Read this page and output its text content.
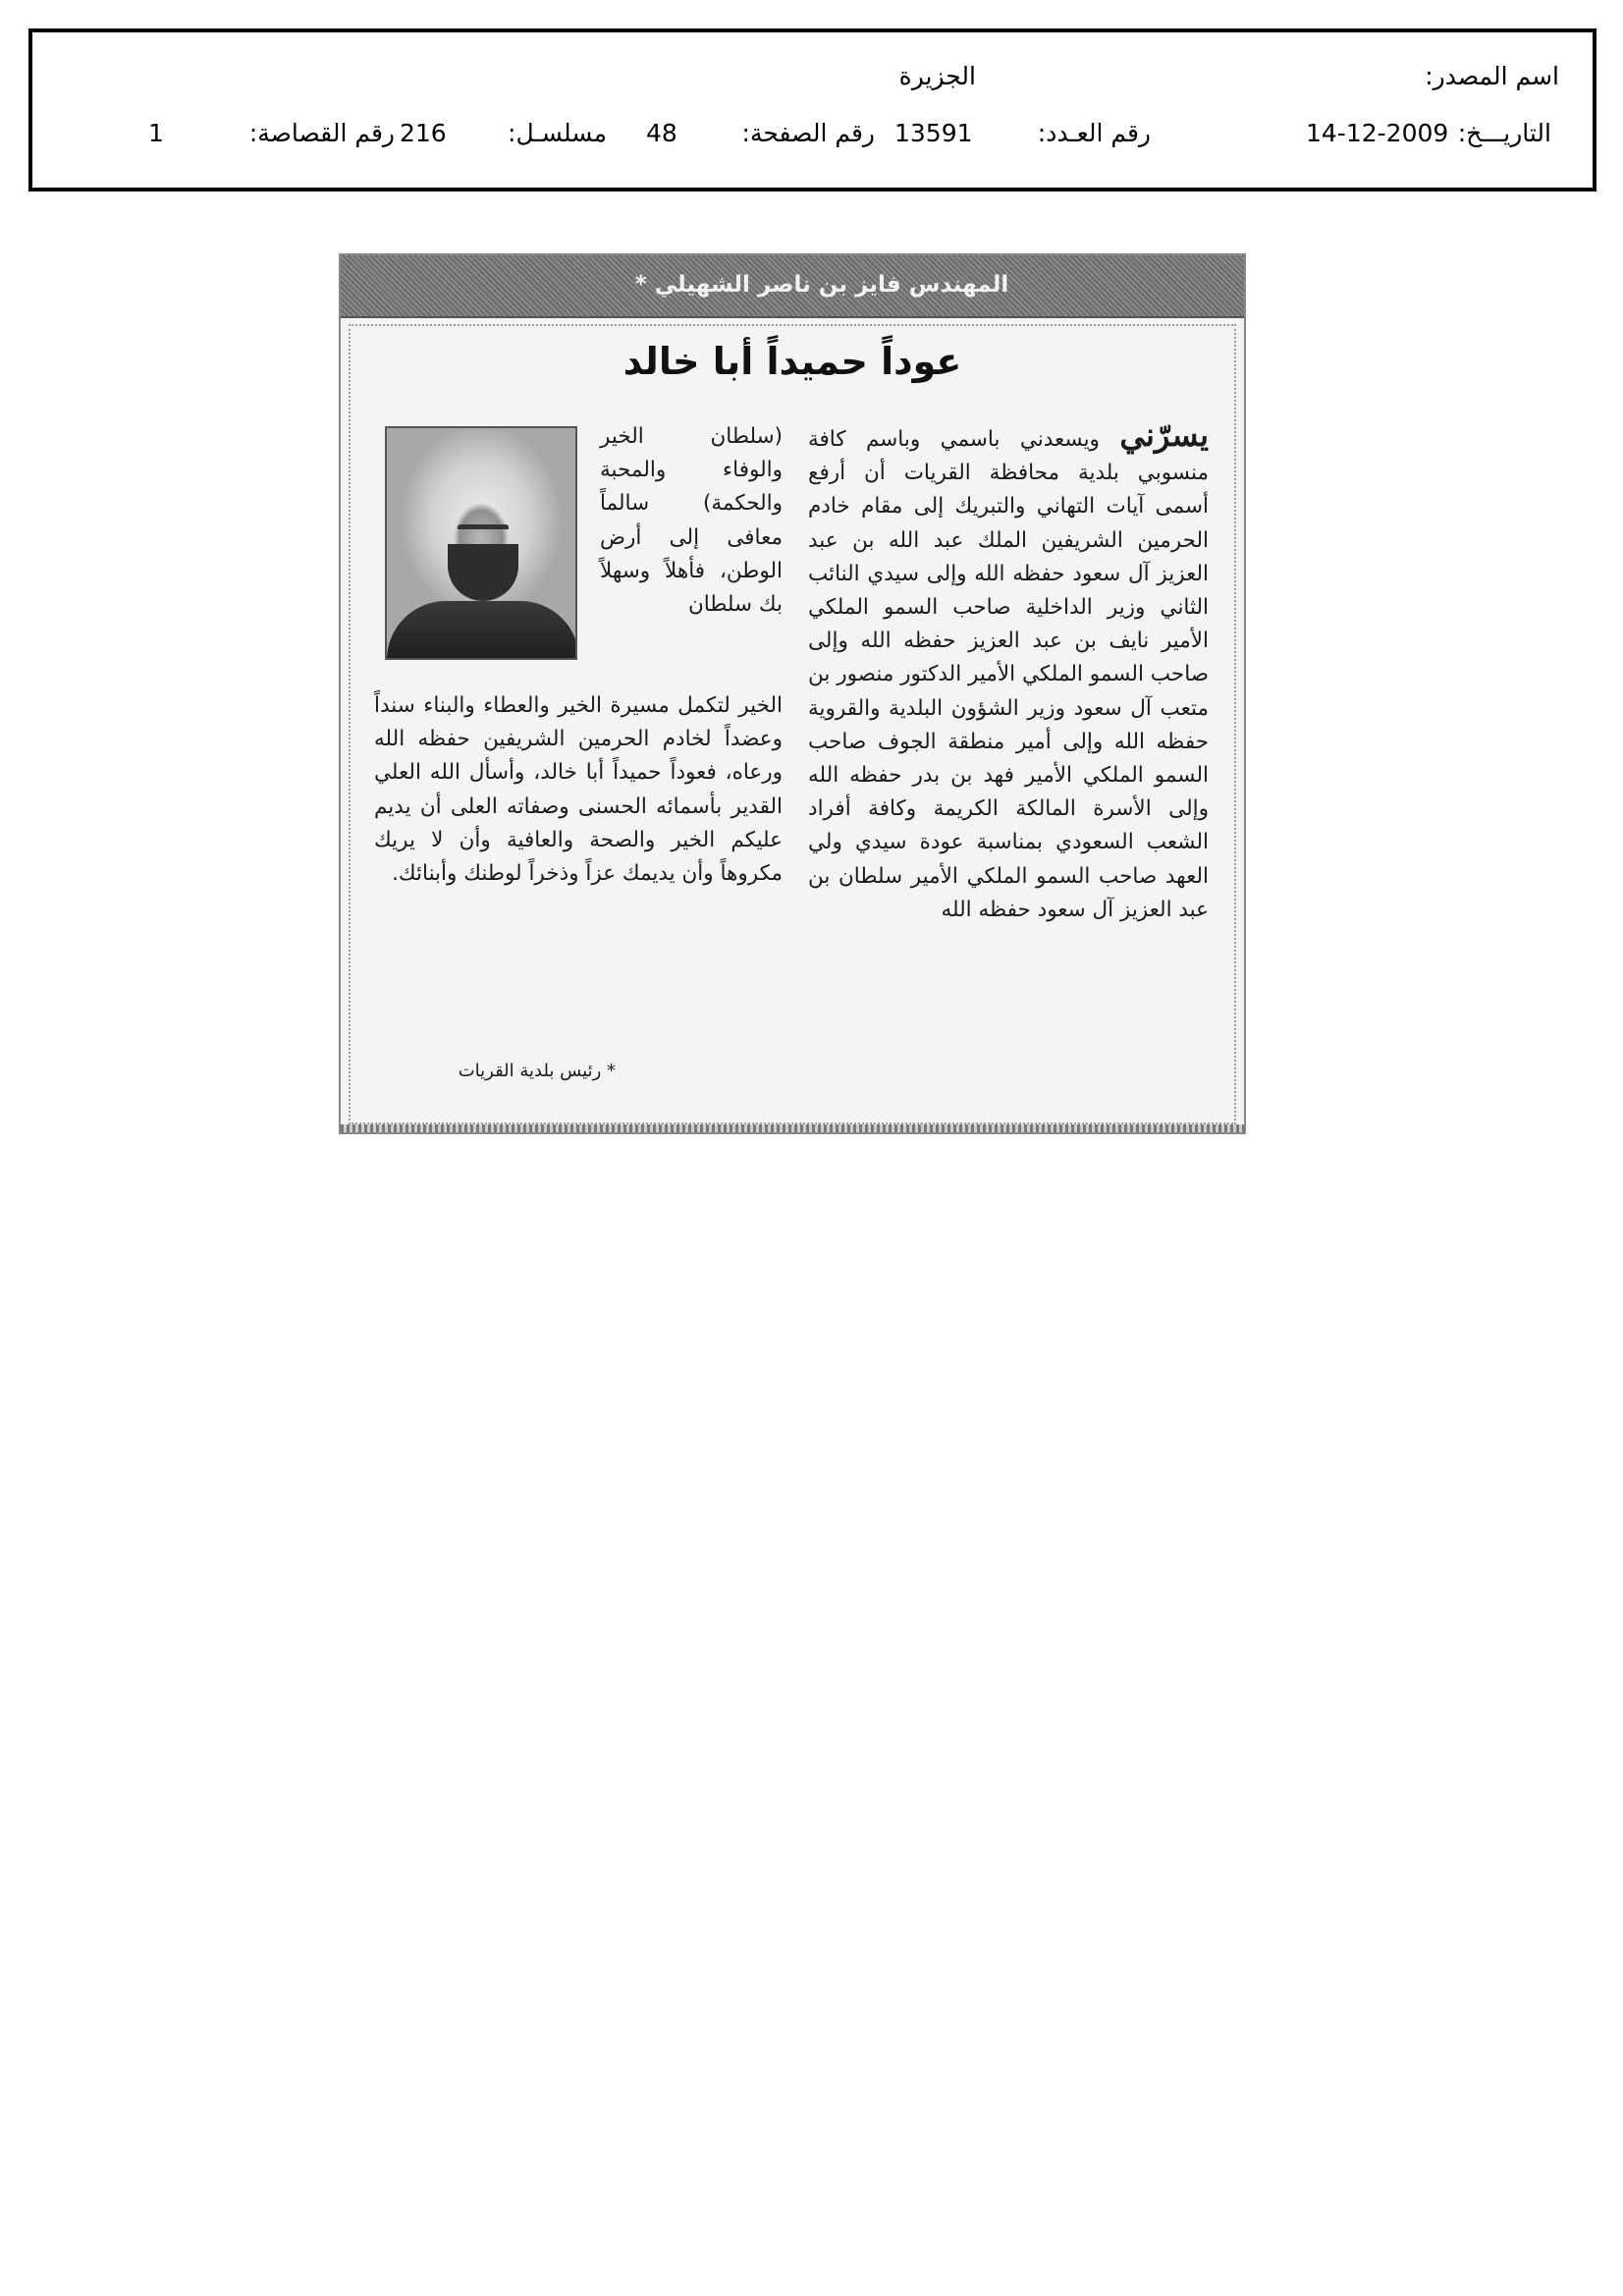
اسم المصدر:
الجزيرة
التاريـــخ:
14-12-2009
رقم العـدد:
13591
رقم الصفحة:
48
مسلسـل:
216
رقم القصاصة:
1
المهندس فايز بن ناصر الشهيلي *
عوداً حميداً أبا خالد
يسرّني ويسعدني باسمي وباسم كافة منسوبي بلدية محافظة القريات أن أرفع أسمى آيات التهاني والتبريك إلى مقام خادم الحرمين الشريفين الملك عبد الله بن عبد العزيز آل سعود حفظه الله وإلى سيدي النائب الثاني وزير الداخلية صاحب السمو الملكي الأمير نايف بن عبد العزيز حفظه الله وإلى صاحب السمو الملكي الأمير الدكتور منصور بن متعب آل سعود وزير الشؤون البلدية والقروية حفظه الله وإلى أمير منطقة الجوف صاحب السمو الملكي الأمير فهد بن بدر حفظه الله وإلى الأسرة المالكة الكريمة وكافة أفراد الشعب السعودي بمناسبة عودة سيدي ولي العهد صاحب السمو الملكي الأمير سلطان بن عبد العزيز آل سعود حفظه الله
(سلطان الخير والوفاء والمحبة والحكمة) سالماً معافى إلى أرض الوطن، فأهلاً وسهلاً بك سلطان
الخير لتكمل مسيرة الخير والعطاء والبناء سنداً وعضداً لخادم الحرمين الشريفين حفظه الله ورعاه، فعوداً حميداً أبا خالد، وأسأل الله العلي القدير بأسمائه الحسنى وصفاته العلى أن يديم عليكم الخير والصحة والعافية وأن لا يريك مكروهاً وأن يديمك عزاً وذخراً لوطنك وأبنائك.
* رئيس بلدية القريات
